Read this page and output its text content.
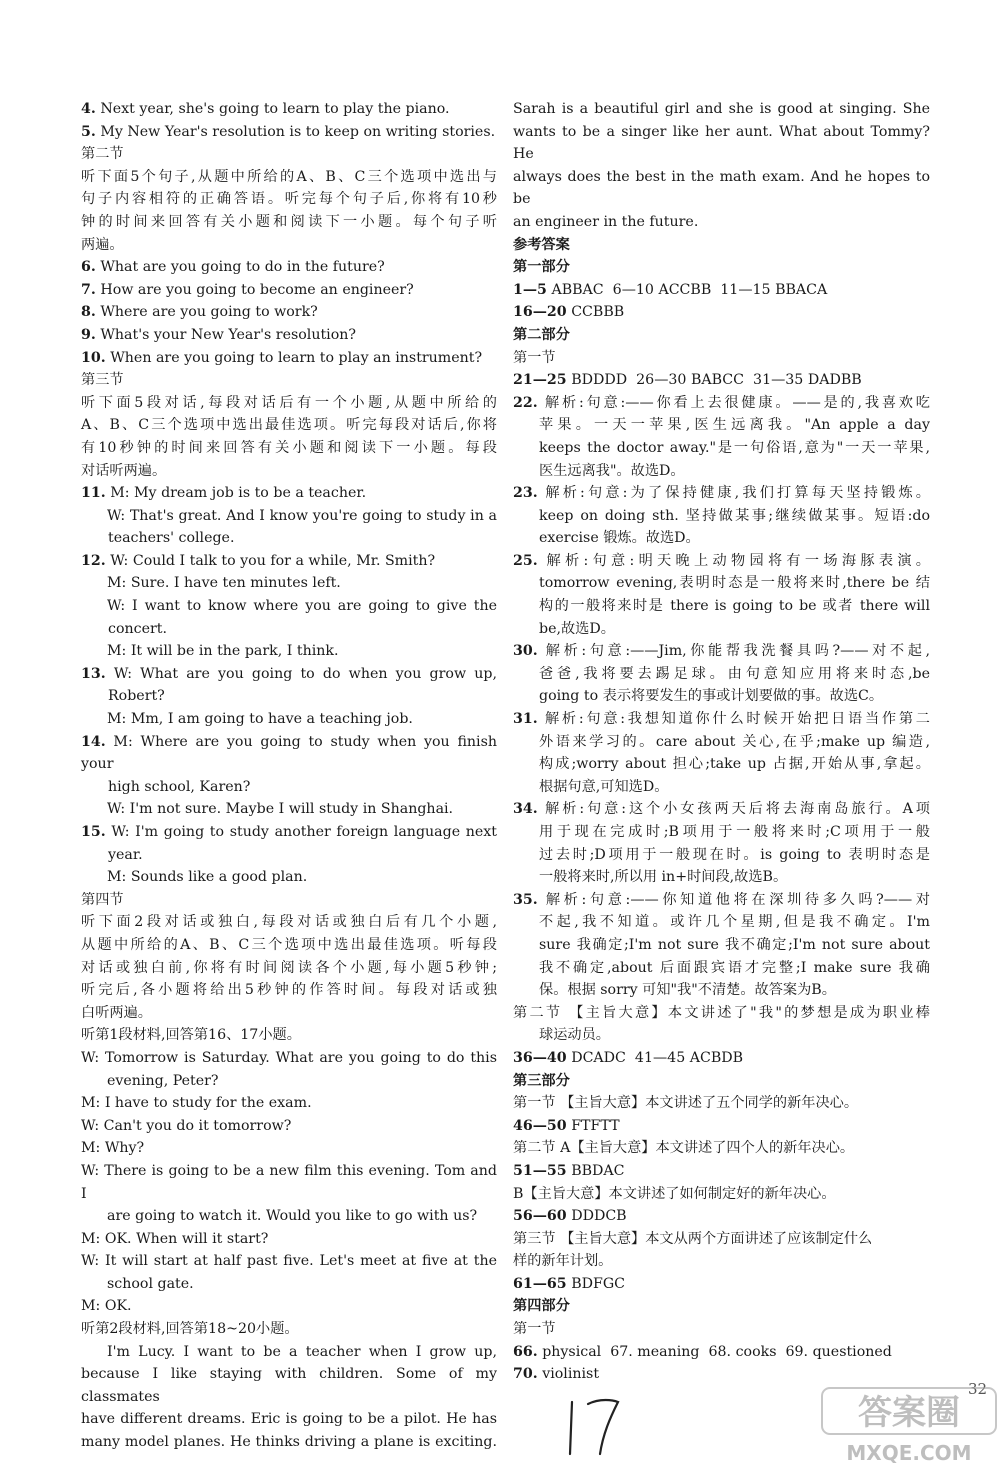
4. Next year, she's going to learn to play the piano.

5. My New Year's resolution is to keep on writing stories.

第二节

听下面5个句子,从题中所给的A、B、C三个选项中选出与

句子内容相符的正确答语。听完每个句子后,你将有10秒

钟的时间来回答有关小题和阅读下一小题。每个句子听

两遍。

6. What are you going to do in the future?

7. How are you going to become an engineer?

8. Where are you going to work?

9. What's your New Year's resolution?

10. When are you going to learn to play an instrument?

第三节

听下面5段对话,每段对话后有一个小题,从题中所给的

A、B、C三个选项中选出最佳选项。听完每段对话后,你将

有10秒钟的时间来回答有关小题和阅读下一小题。每段

对话听两遍。

11. M: My dream job is to be a teacher.

W: That's great. And I know you're going to study in a

teachers' college.

12. W: Could I talk to you for a while, Mr. Smith?

M: Sure. I have ten minutes left.

W: I want to know where you are going to give the

concert.

M: It will be in the park, I think.

13. W: What are you going to do when you grow up,

Robert?

M: Mm, I am going to have a teaching job.

14. M: Where are you going to study when you finish your

high school, Karen?

W: I'm not sure. Maybe I will study in Shanghai.

15. W: I'm going to study another foreign language next

year.

M: Sounds like a good plan.

第四节

听下面2段对话或独白,每段对话或独白后有几个小题,

从题中所给的A、B、C三个选项中选出最佳选项。听每段

对话或独白前,你将有时间阅读各个小题,每小题5秒钟;

听完后,各小题将给出5秒钟的作答时间。每段对话或独

白听两遍。

听第1段材料,回答第16、17小题。

W: Tomorrow is Saturday. What are you going to do this

evening, Peter?

M: I have to study for the exam.

W: Can't you do it tomorrow?

M: Why?

W: There is going to be a new film this evening. Tom and I

are going to watch it. Would you like to go with us?

M: OK. When will it start?

W: It will start at half past five. Let's meet at five at the

school gate.

M: OK.

听第2段材料,回答第18~20小题。

I'm Lucy. I want to be a teacher when I grow up,

because I like staying with children. Some of my classmates

have different dreams. Eric is going to be a pilot. He has

many model planes. He thinks driving a plane is exciting.

Sarah is a beautiful girl and she is good at singing. She

wants to be a singer like her aunt. What about Tommy? He

always does the best in the math exam. And he hopes to be

an engineer in the future.

参考答案

第一部分

1—5 ABBAC  6—10 ACCBB  11—15 BBACA

16—20 CCBBB

第二部分

第一节

21—25 BDDDD  26—30 BABCC  31—35 DADBB

22. 解析:句意:——你看上去很健康。——是的,我喜欢吃

苹果。一天一苹果,医生远离我。"An apple a day

keeps the doctor away."是一句俗语,意为"一天一苹果,

医生远离我"。故选D。

23. 解析:句意:为了保持健康,我们打算每天坚持锻炼。

keep on doing sth. 坚持做某事;继续做某事。短语:do

exercise 锻炼。故选D。

25. 解析:句意:明天晚上动物园将有一场海豚表演。

tomorrow evening,表明时态是一般将来时,there be 结

构的一般将来时是 there is going to be 或者 there will

be,故选D。

30. 解析:句意:——Jim,你能帮我洗餐具吗?——对不起,

爸爸,我将要去踢足球。由句意知应用将来时态,be

going to 表示将要发生的事或计划要做的事。故选C。

31. 解析:句意:我想知道你什么时候开始把日语当作第二

外语来学习的。care about 关心,在乎;make up 编造,

构成;worry about 担心;take up 占据,开始从事,拿起。

根据句意,可知选D。

34. 解析:句意:这个小女孩两天后将去海南岛旅行。A项

用于现在完成时;B项用于一般将来时;C项用于一般

过去时;D项用于一般现在时。is going to 表明时态是

一般将来时,所以用 in+时间段,故选B。

35. 解析:句意:——你知道他将在深圳待多久吗?——对

不起,我不知道。或许几个星期,但是我不确定。I'm

sure 我确定;I'm not sure 我不确定;I'm not sure about

我不确定,about 后面跟宾语才完整;I make sure 我确

保。根据 sorry 可知"我"不清楚。故答案为B。

第二节 【主旨大意】本文讲述了"我"的梦想是成为职业棒

球运动员。

36—40 DCADC  41—45 ACBDB

第三部分

第一节 【主旨大意】本文讲述了五个同学的新年决心。

46—50 FTFTT

第二节 A【主旨大意】本文讲述了四个人的新年决心。

51—55 BBDAC

B【主旨大意】本文讲述了如何制定好的新年决心。

56—60 DDDCB

第三节 【主旨大意】本文从两个方面讲述了应该制定什么

样的新年计划。

61—65 BDFGC

第四部分

第一节

66. physical  67. meaning  68. cooks  69. questioned

70. violinist

32
答案圈
MXQE.COM
